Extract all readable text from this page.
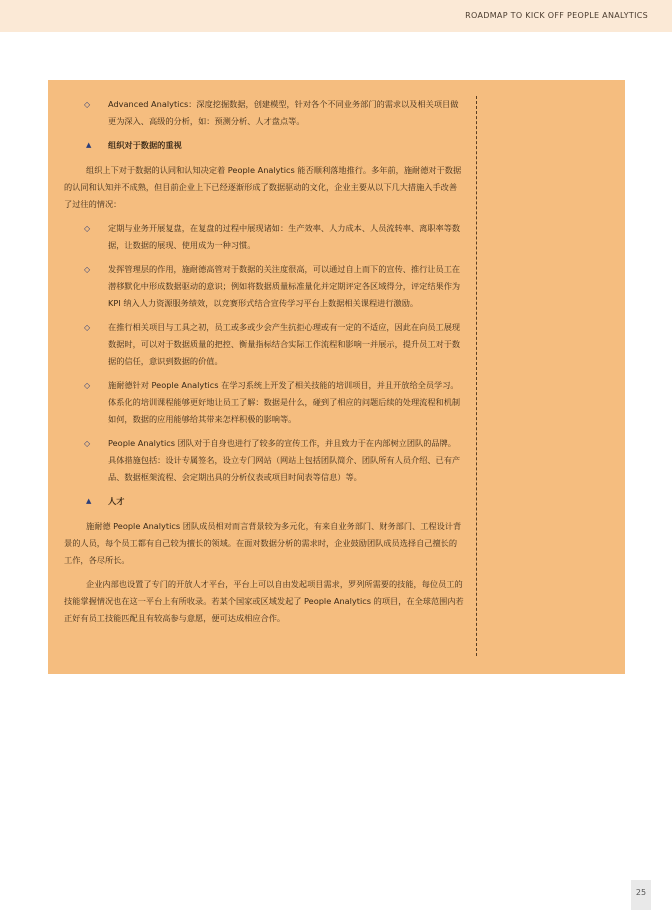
ROADMAP TO KICK OFF PEOPLE ANALYTICS
◇ Advanced Analytics：深度挖掘数据，创建模型，针对各个不同业务部门的需求以及相关项目做更为深入、高级的分析，如：预测分析、人才盘点等。
▲ 组织对于数据的重视

组织上下对于数据的认同和认知决定着 People Analytics 能否顺利落地推行。多年前，施耐德对于数据的认同和认知并不成熟，但目前企业上下已经逐渐形成了数据驱动的文化，企业主要从以下几大措施入手改善了过往的情况：

◇ 定期与业务开展复盘，在复盘的过程中展现诸如：生产效率、人力成本、人员流转率、离职率等数据，让数据的展现、使用成为一种习惯。
◇ 发挥管理层的作用，施耐德高管对于数据的关注度很高，可以通过自上而下的宣传、推行让员工在潜移默化中形成数据驱动的意识；例如将数据质量标准量化并定期评定各区域得分，评定结果作为 KPI 纳入人力资源服务绩效，以竞赛形式结合宣传学习平台上数据相关课程进行激励。
◇ 在推行相关项目与工具之初，员工或多或少会产生抗拒心理或有一定的不适应，因此在向员工展现数据时，可以对于数据质量的把控、衡量指标结合实际工作流程和影响一并展示，提升员工对于数据的信任，意识到数据的价值。
◇ 施耐德针对 People Analytics 在学习系统上开发了相关技能的培训项目，并且开放给全员学习。体系化的培训课程能够更好地让员工了解：数据是什么，碰到了相应的问题后续的处理流程和机制如何，数据的应用能够给其带来怎样积极的影响等。
◇ People Analytics 团队对于自身也进行了较多的宣传工作，并且致力于在内部树立团队的品牌。具体措施包括：设计专属签名，设立专门网站（网站上包括团队简介、团队所有人员介绍、已有产品、数据框架流程、会定期出具的分析仪表或项目时间表等信息）等。
▲ 人才

施耐德 People Analytics 团队成员相对而言背景较为多元化，有来自业务部门、财务部门、工程设计背景的人员，每个员工都有自己较为擅长的领域。在面对数据分析的需求时，企业鼓励团队成员选择自己擅长的工作，各尽所长。

企业内部也设置了专门的开放人才平台，平台上可以自由发起项目需求，罗列所需要的技能，每位员工的技能掌握情况也在这一平台上有所收录。若某个国家或区域发起了 People Analytics 的项目，在全球范围内若正好有员工技能匹配且有较高参与意愿，便可达成相应合作。

25
